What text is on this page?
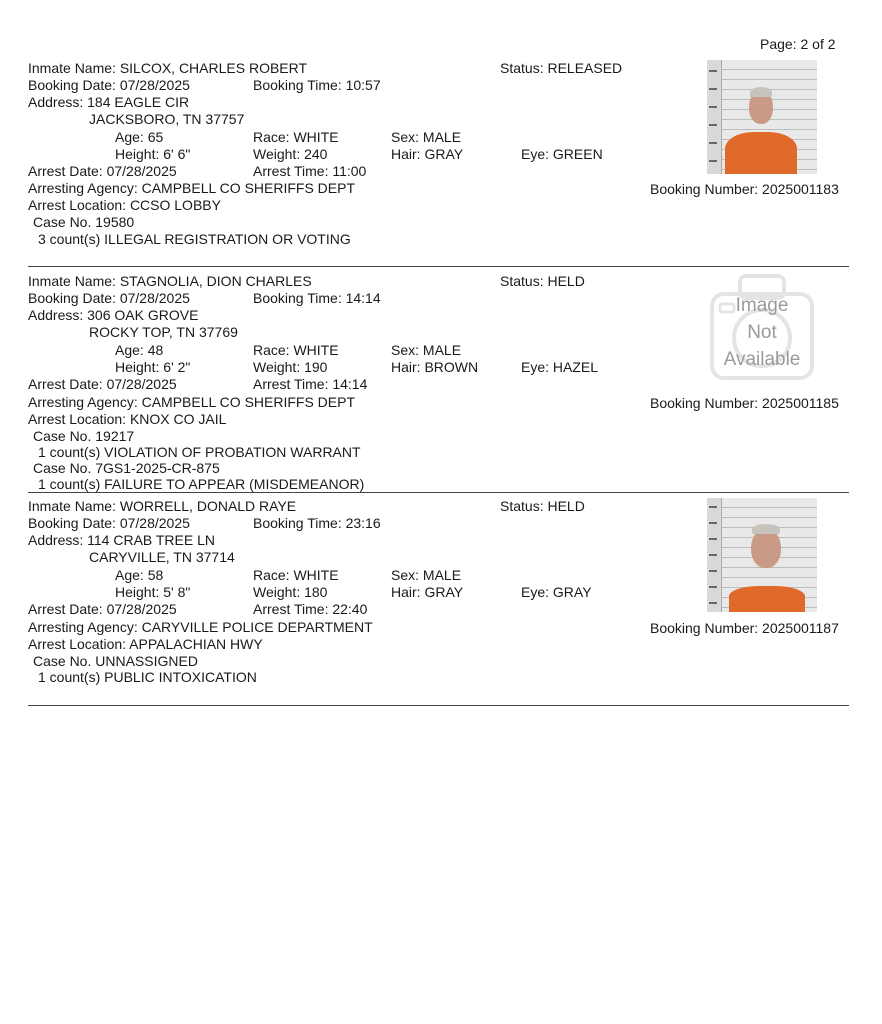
Page: 2 of 2
Inmate Name: SILCOX, CHARLES ROBERT	Status: RELEASED
Booking Date: 07/28/2025	Booking Time: 10:57
Address: 184 EAGLE CIR
JACKSBORO, TN 37757
Age: 65	Race: WHITE	Sex: MALE
Height: 6' 6"	Weight: 240	Hair: GRAY	Eye: GREEN
Arrest Date: 07/28/2025	Arrest Time: 11:00
Arresting Agency: CAMPBELL CO SHERIFFS DEPT	Booking Number: 2025001183
Arrest Location: CCSO LOBBY
Case No. 19580
3 count(s) ILLEGAL REGISTRATION OR VOTING
Inmate Name: STAGNOLIA, DION CHARLES	Status: HELD
Booking Date: 07/28/2025	Booking Time: 14:14
Address: 306 OAK GROVE
ROCKY TOP, TN 37769
Age: 48	Race: WHITE	Sex: MALE
Height: 6' 2"	Weight: 190	Hair: BROWN	Eye: HAZEL
Arrest Date: 07/28/2025	Arrest Time: 14:14
Arresting Agency: CAMPBELL CO SHERIFFS DEPT	Booking Number: 2025001185
Arrest Location: KNOX CO JAIL
Case No. 19217
1 count(s) VIOLATION OF PROBATION WARRANT
Case No. 7GS1-2025-CR-875
1 count(s) FAILURE TO APPEAR (MISDEMEANOR)
Image
Not
Available
Inmate Name: WORRELL, DONALD RAYE	Status: HELD
Booking Date: 07/28/2025	Booking Time: 23:16
Address: 114 CRAB TREE LN
CARYVILLE, TN 37714
Age: 58	Race: WHITE	Sex: MALE
Height: 5' 8"	Weight: 180	Hair: GRAY	Eye: GRAY
Arrest Date: 07/28/2025	Arrest Time: 22:40
Arresting Agency: CARYVILLE POLICE DEPARTMENT	Booking Number: 2025001187
Arrest Location: APPALACHIAN HWY
Case No. UNNASSIGNED
1 count(s) PUBLIC INTOXICATION
